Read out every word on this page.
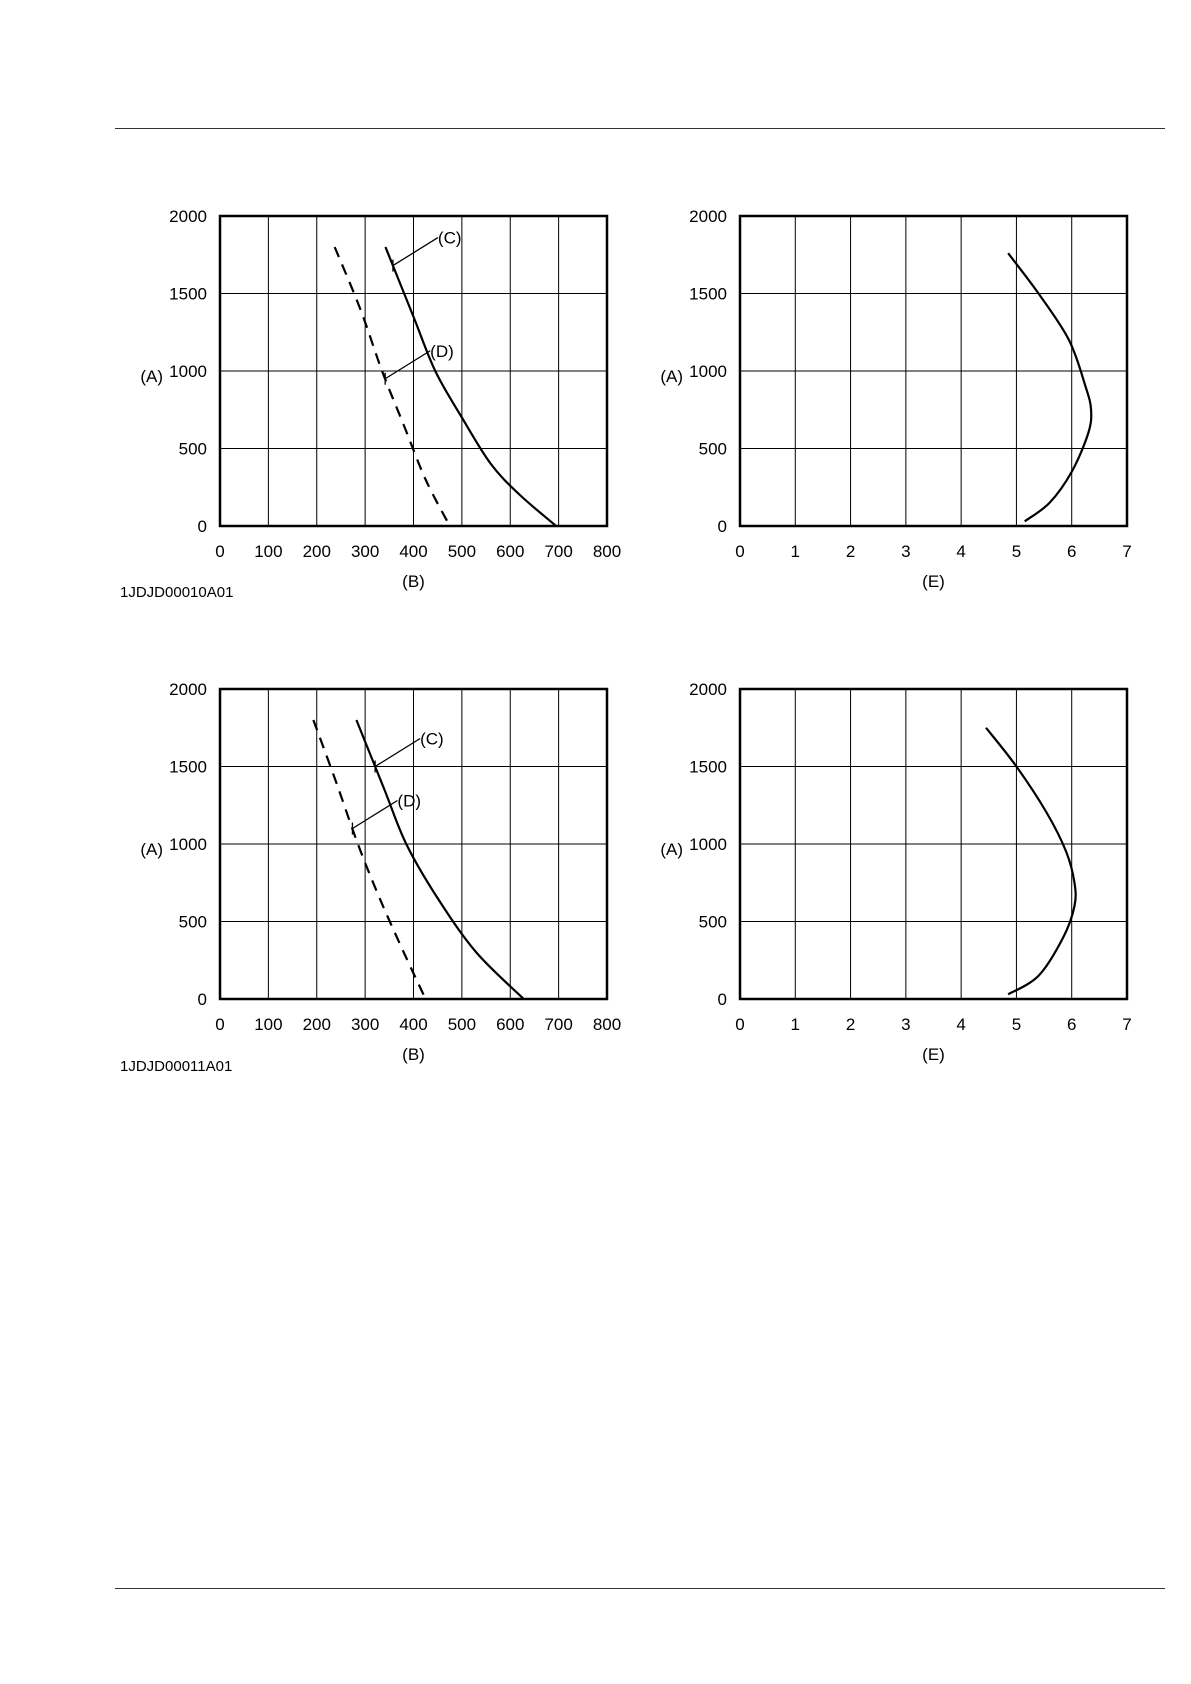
0 100 200 300 400 500 600 700 800
0
500
1000
1500
2000
(B)
(A)
(C)
(D)
0	1	2	3	4	5	6	7
0
500
1000
1500
2000
(E)
(A)
0 100 200 300 400 500 600 700 800
0
500
1000
1500
2000
(B)
(A)
(C)
(D)
0	1	2	3	4	5	6	7
0
500
1000
1500
2000
(E)
(A)
1JDJD00010A01
1JDJD00011A01
